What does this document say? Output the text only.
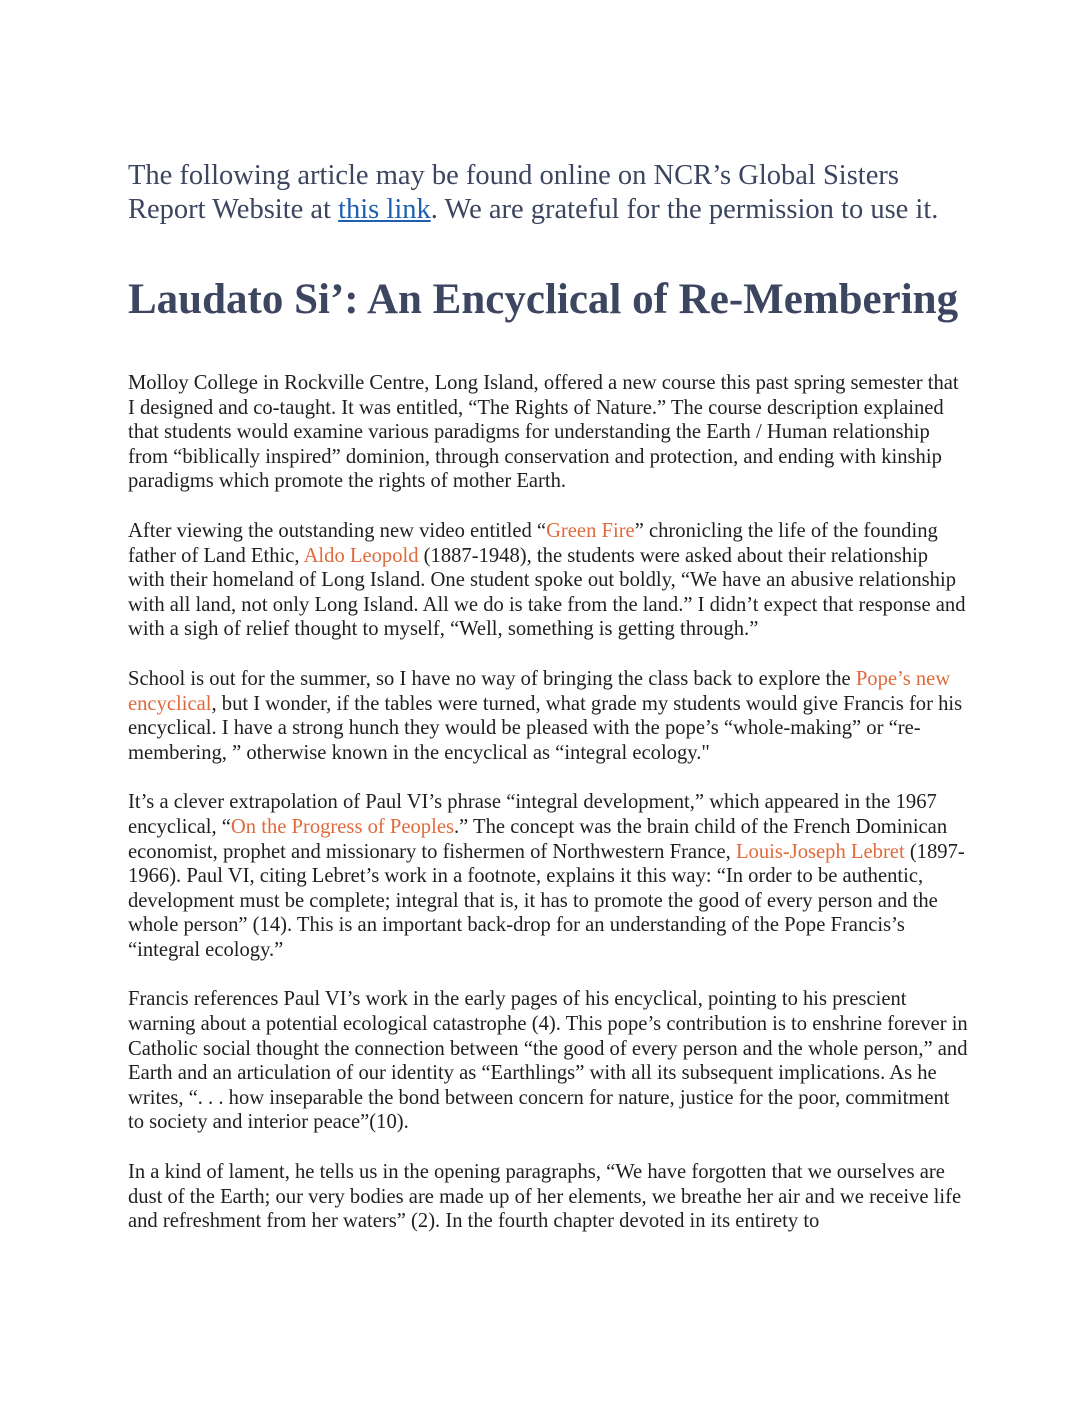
The following article may be found online on NCR’s Global Sisters Report Website at this link. We are grateful for the permission to use it.

Laudato Si’: An Encyclical of Re-Membering

Molloy College in Rockville Centre, Long Island, offered a new course this past spring semester that I designed and co-taught. It was entitled, “The Rights of Nature.” The course description explained that students would examine various paradigms for understanding the Earth / Human relationship from “biblically inspired” dominion, through conservation and protection, and ending with kinship paradigms which promote the rights of mother Earth.

After viewing the outstanding new video entitled “Green Fire” chronicling the life of the founding father of Land Ethic, Aldo Leopold (1887-1948), the students were asked about their relationship with their homeland of Long Island. One student spoke out boldly, “We have an abusive relationship with all land, not only Long Island. All we do is take from the land.” I didn’t expect that response and with a sigh of relief thought to myself, “Well, something is getting through.”

School is out for the summer, so I have no way of bringing the class back to explore the Pope’s new encyclical, but I wonder, if the tables were turned, what grade my students would give Francis for his encyclical. I have a strong hunch they would be pleased with the pope’s “whole-making” or “re-membering, ” otherwise known in the encyclical as “integral ecology."

It’s a clever extrapolation of Paul VI’s phrase “integral development,” which appeared in the 1967 encyclical, “On the Progress of Peoples.” The concept was the brain child of the French Dominican economist, prophet and missionary to fishermen of Northwestern France, Louis-Joseph Lebret (1897-1966). Paul VI, citing Lebret’s work in a footnote, explains it this way: “In order to be authentic, development must be complete; integral that is, it has to promote the good of every person and the whole person” (14). This is an important back-drop for an understanding of the Pope Francis’s “integral ecology.”

Francis references Paul VI’s work in the early pages of his encyclical, pointing to his prescient warning about a potential ecological catastrophe (4). This pope’s contribution is to enshrine forever in Catholic social thought the connection between “the good of every person and the whole person,” and Earth and an articulation of our identity as “Earthlings” with all its subsequent implications. As he writes, “. . . how inseparable the bond between concern for nature, justice for the poor, commitment to society and interior peace”(10).

In a kind of lament, he tells us in the opening paragraphs, “We have forgotten that we ourselves are dust of the Earth; our very bodies are made up of her elements, we breathe her air and we receive life and refreshment from her waters” (2). In the fourth chapter devoted in its entirety to
